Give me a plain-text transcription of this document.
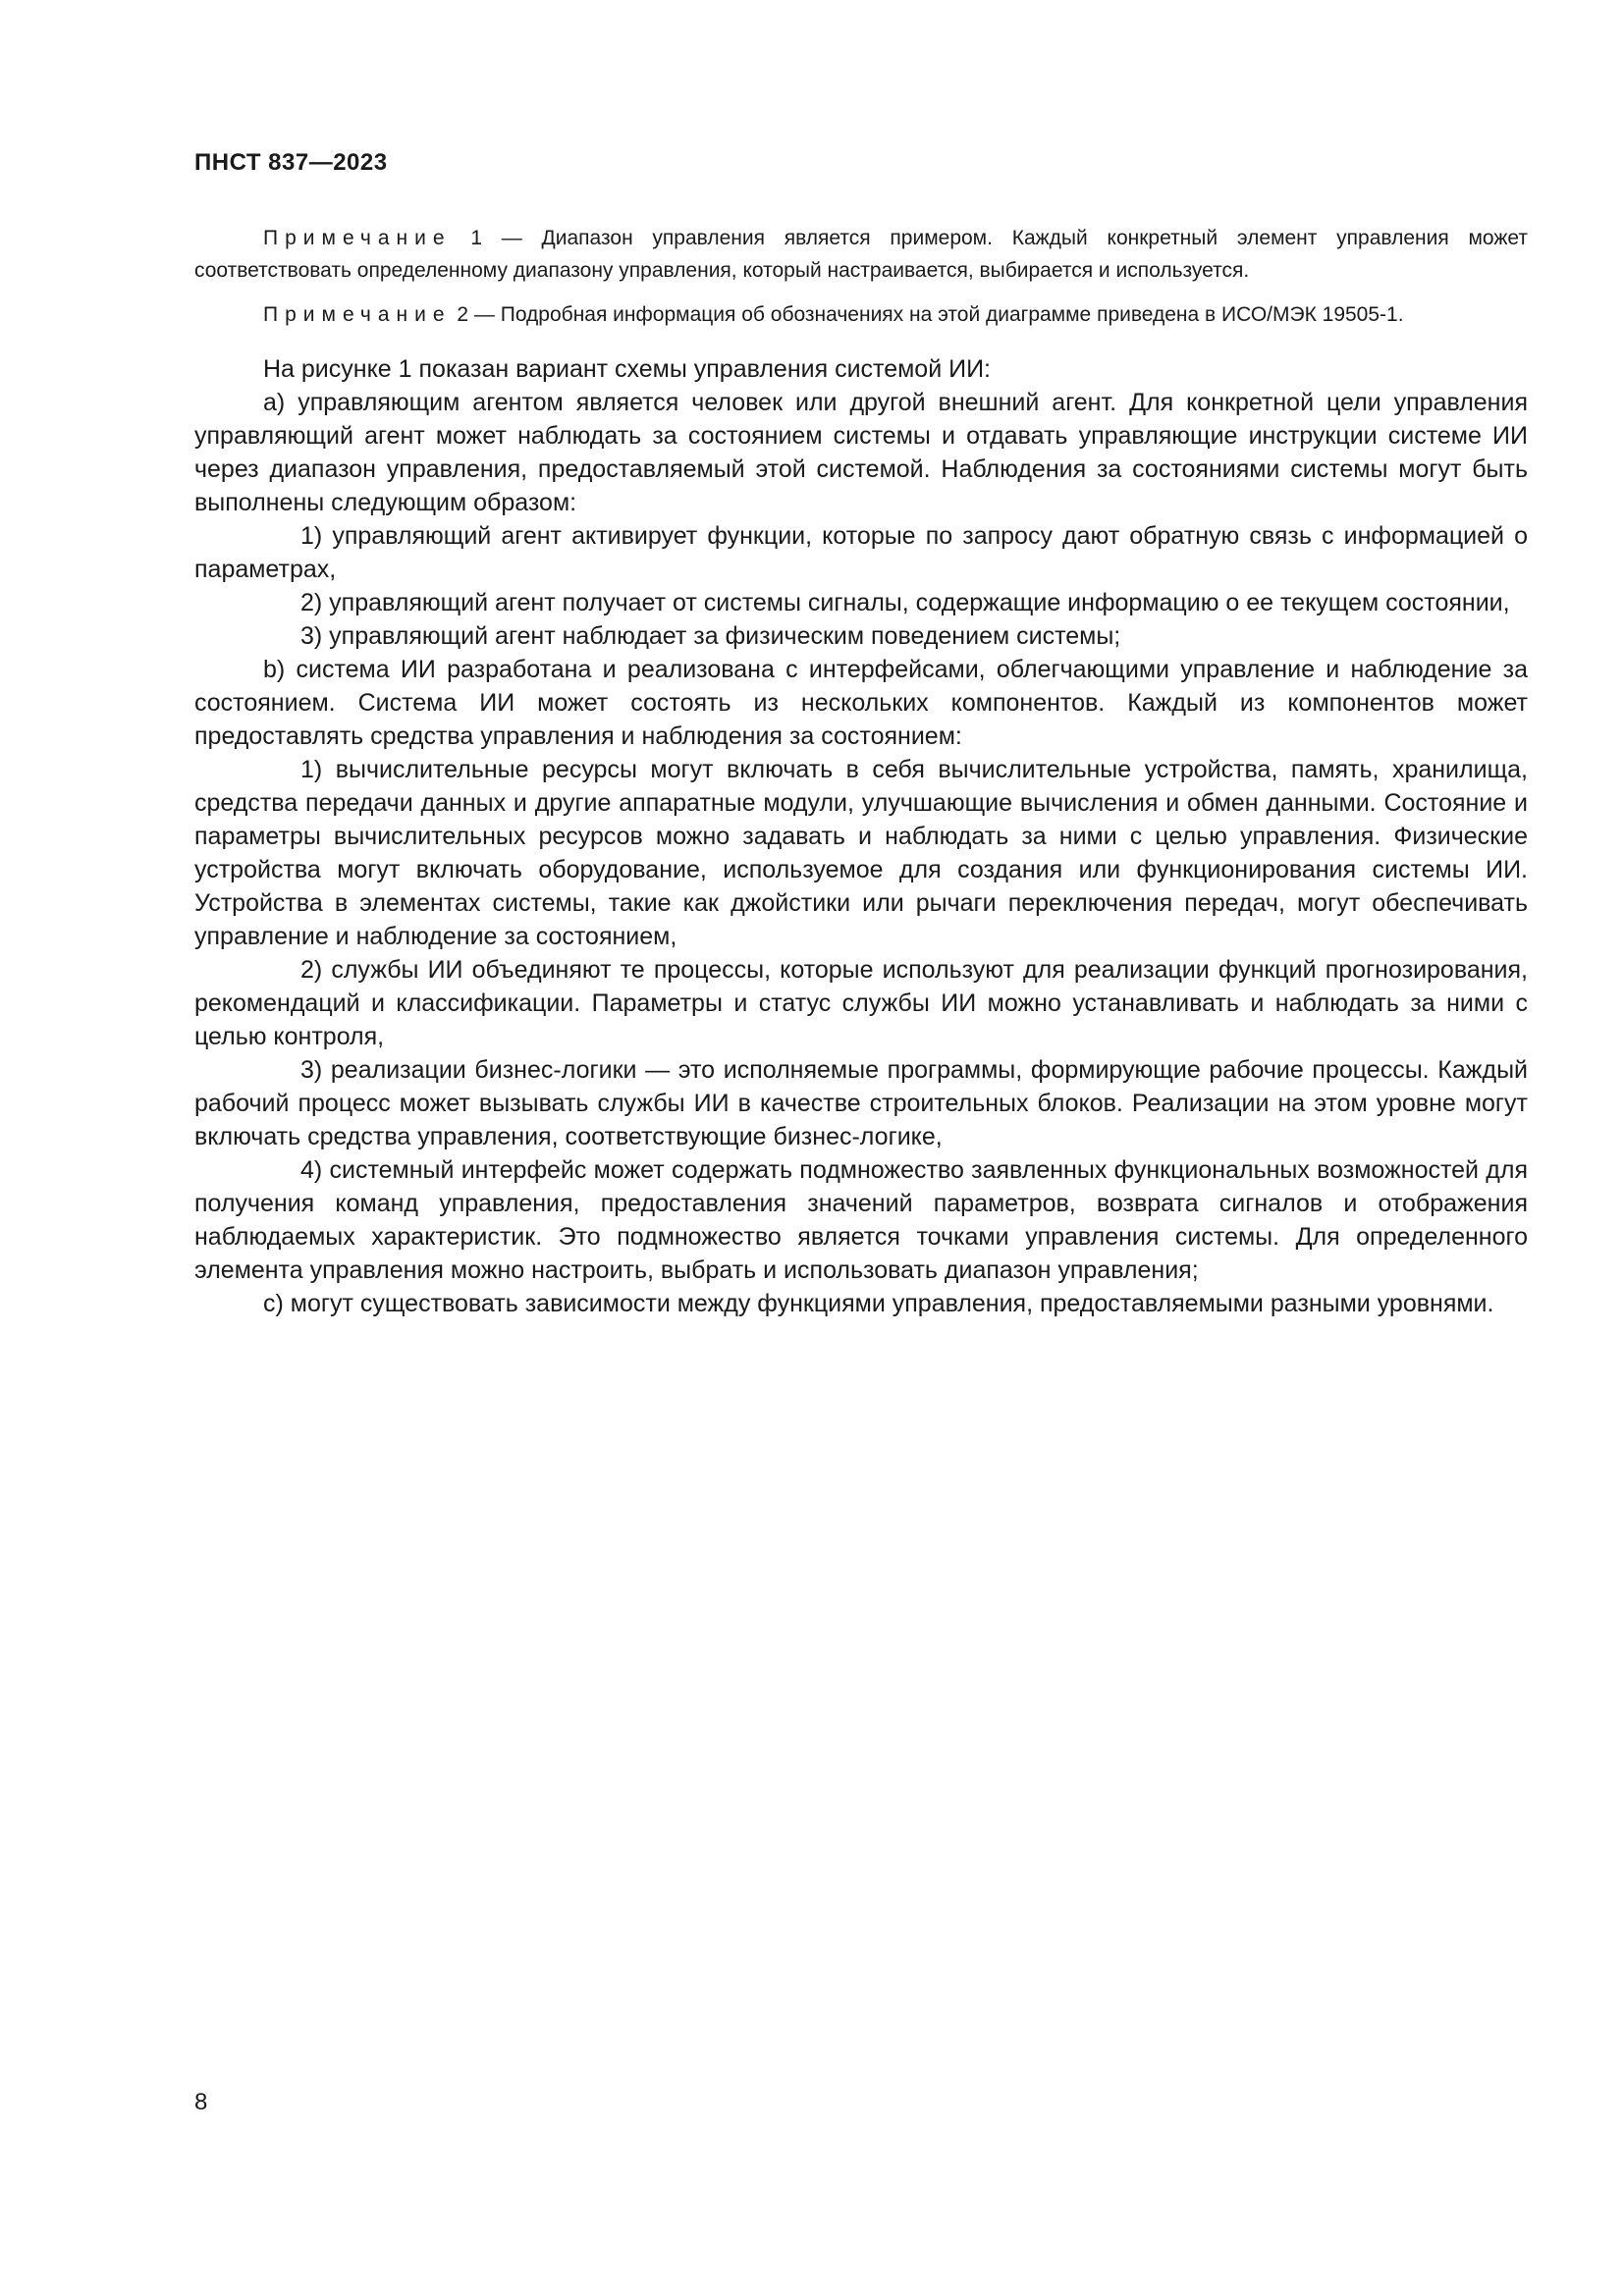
ПНСТ 837—2023

Примечание 1 — Диапазон управления является примером. Каждый конкретный элемент управления может соответствовать определенному диапазону управления, который настраивается, выбирается и используется.

Примечание 2 — Подробная информация об обозначениях на этой диаграмме приведена в ИСО/МЭК 19505-1.

На рисунке 1 показан вариант схемы управления системой ИИ:

a) управляющим агентом является человек или другой внешний агент. Для конкретной цели управления управляющий агент может наблюдать за состоянием системы и отдавать управляющие инструкции системе ИИ через диапазон управления, предоставляемый этой системой. Наблюдения за состояниями системы могут быть выполнены следующим образом:

1) управляющий агент активирует функции, которые по запросу дают обратную связь с информацией о параметрах,

2) управляющий агент получает от системы сигналы, содержащие информацию о ее текущем состоянии,

3) управляющий агент наблюдает за физическим поведением системы;

b) система ИИ разработана и реализована с интерфейсами, облегчающими управление и наблюдение за состоянием. Система ИИ может состоять из нескольких компонентов. Каждый из компонентов может предоставлять средства управления и наблюдения за состоянием:

1) вычислительные ресурсы могут включать в себя вычислительные устройства, память, хранилища, средства передачи данных и другие аппаратные модули, улучшающие вычисления и обмен данными. Состояние и параметры вычислительных ресурсов можно задавать и наблюдать за ними с целью управления. Физические устройства могут включать оборудование, используемое для создания или функционирования системы ИИ. Устройства в элементах системы, такие как джойстики или рычаги переключения передач, могут обеспечивать управление и наблюдение за состоянием,

2) службы ИИ объединяют те процессы, которые используют для реализации функций прогнозирования, рекомендаций и классификации. Параметры и статус службы ИИ можно устанавливать и наблюдать за ними с целью контроля,

3) реализации бизнес-логики — это исполняемые программы, формирующие рабочие процессы. Каждый рабочий процесс может вызывать службы ИИ в качестве строительных блоков. Реализации на этом уровне могут включать средства управления, соответствующие бизнес-логике,

4) системный интерфейс может содержать подмножество заявленных функциональных возможностей для получения команд управления, предоставления значений параметров, возврата сигналов и отображения наблюдаемых характеристик. Это подмножество является точками управления системы. Для определенного элемента управления можно настроить, выбрать и использовать диапазон управления;

c) могут существовать зависимости между функциями управления, предоставляемыми разными уровнями.

8
